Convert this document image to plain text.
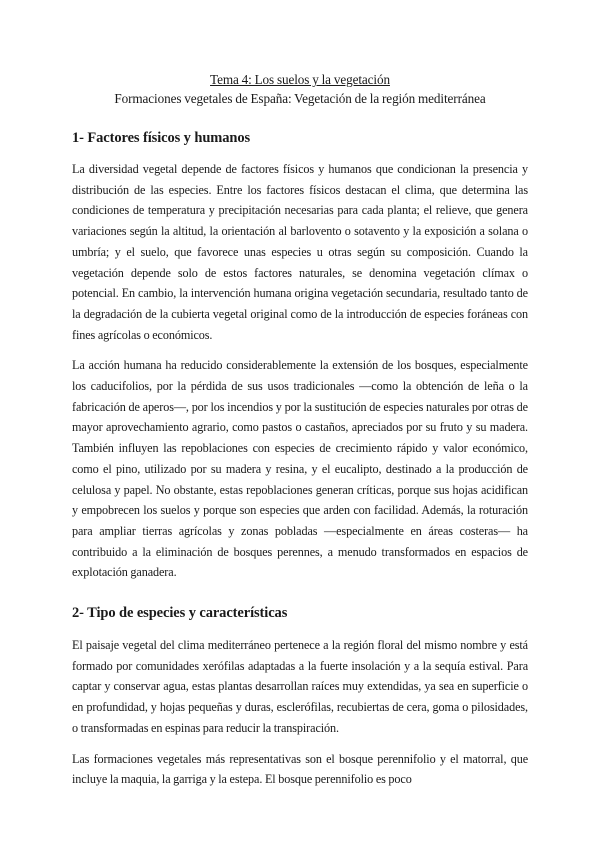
Tema 4: Los suelos y la vegetación

Formaciones vegetales de España: Vegetación de la región mediterránea

1- Factores físicos y humanos

La diversidad vegetal depende de factores físicos y humanos que condicionan la presencia y distribución de las especies. Entre los factores físicos destacan el clima, que determina las condiciones de temperatura y precipitación necesarias para cada planta; el relieve, que genera variaciones según la altitud, la orientación al barlovento o sotavento y la exposición a solana o umbría; y el suelo, que favorece unas especies u otras según su composición. Cuando la vegetación depende solo de estos factores naturales, se denomina vegetación clímax o potencial. En cambio, la intervención humana origina vegetación secundaria, resultado tanto de la degradación de la cubierta vegetal original como de la introducción de especies foráneas con fines agrícolas o económicos.

La acción humana ha reducido considerablemente la extensión de los bosques, especialmente los caducifolios, por la pérdida de sus usos tradicionales —como la obtención de leña o la fabricación de aperos—, por los incendios y por la sustitución de especies naturales por otras de mayor aprovechamiento agrario, como pastos o castaños, apreciados por su fruto y su madera. También influyen las repoblaciones con especies de crecimiento rápido y valor económico, como el pino, utilizado por su madera y resina, y el eucalipto, destinado a la producción de celulosa y papel. No obstante, estas repoblaciones generan críticas, porque sus hojas acidifican y empobrecen los suelos y porque son especies que arden con facilidad. Además, la roturación para ampliar tierras agrícolas y zonas pobladas —especialmente en áreas costeras— ha contribuido a la eliminación de bosques perennes, a menudo transformados en espacios de explotación ganadera.

2- Tipo de especies y características

El paisaje vegetal del clima mediterráneo pertenece a la región floral del mismo nombre y está formado por comunidades xerófilas adaptadas a la fuerte insolación y a la sequía estival. Para captar y conservar agua, estas plantas desarrollan raíces muy extendidas, ya sea en superficie o en profundidad, y hojas pequeñas y duras, esclerófilas, recubiertas de cera, goma o pilosidades, o transformadas en espinas para reducir la transpiración.

Las formaciones vegetales más representativas son el bosque perennifolio y el matorral, que incluye la maquia, la garriga y la estepa. El bosque perennifolio es poco
